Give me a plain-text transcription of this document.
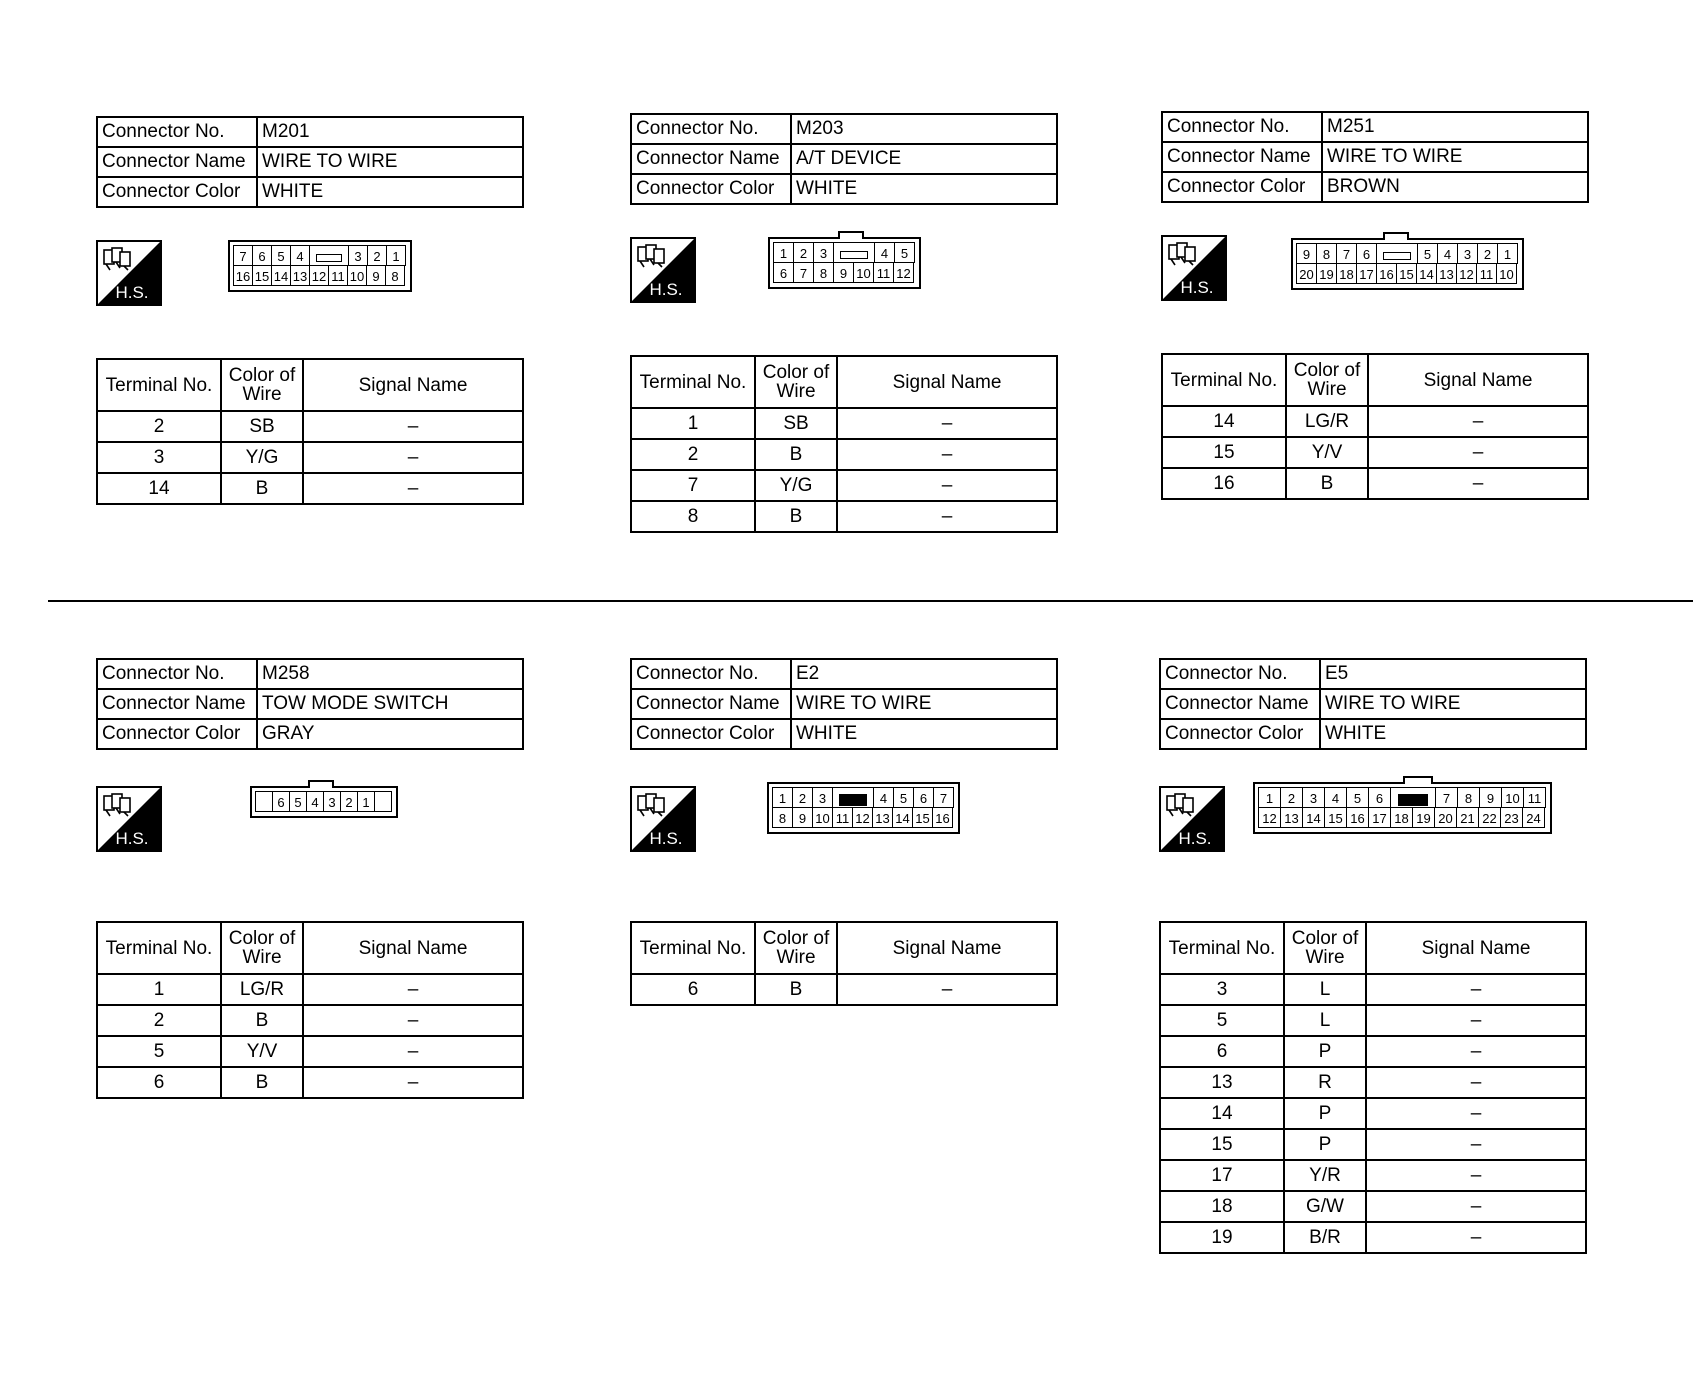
Connector No.	M201
Connector Name	WIRE TO WIRE
Connector Color	WHITE
H.S.
7 6 5 4	3 2 1
16 15 14 13 12 11 10 9 8
Terminal No.	Color of Wire	Signal Name
2	SB	–
3	Y/G	–
14	B	–
Connector No.	M203
Connector Name	A/T DEVICE
Connector Color	WHITE
H.S.
1 2 3	4 5
6 7 8 9 10 11 12
Terminal No.	Color of Wire	Signal Name
1	SB	–
2	B	–
7	Y/G	–
8	B	–
Connector No.	M251
Connector Name	WIRE TO WIRE
Connector Color	BROWN
H.S.
9 8 7 6	5 4 3 2 1
20 19 18 17 16 15 14 13 12 11 10
Terminal No.	Color of Wire	Signal Name
14	LG/R	–
15	Y/V	–
16	B	–
Connector No.	M258
Connector Name	TOW MODE SWITCH
Connector Color	GRAY
H.S.
6 5 4 3 2 1
Terminal No.	Color of Wire	Signal Name
1	LG/R	–
2	B	–
5	Y/V	–
6	B	–
Connector No.	E2
Connector Name	WIRE TO WIRE
Connector Color	WHITE
H.S.
1 2 3	4 5 6 7
8 9 10 11 12 13 14 15 16
Terminal No.	Color of Wire	Signal Name
6	B	–
Connector No.	E5
Connector Name	WIRE TO WIRE
Connector Color	WHITE
H.S.
1	2	3	4	5	6	7	8	9 10 11
12 13 14 15 16 17 18 19 20 21 22 23 24
Terminal No.	Color of Wire	Signal Name
3	L	–
5	L	–
6	P	–
13	R	–
14	P	–
15	P	–
17	Y/R	–
18	G/W	–
19	B/R	–
